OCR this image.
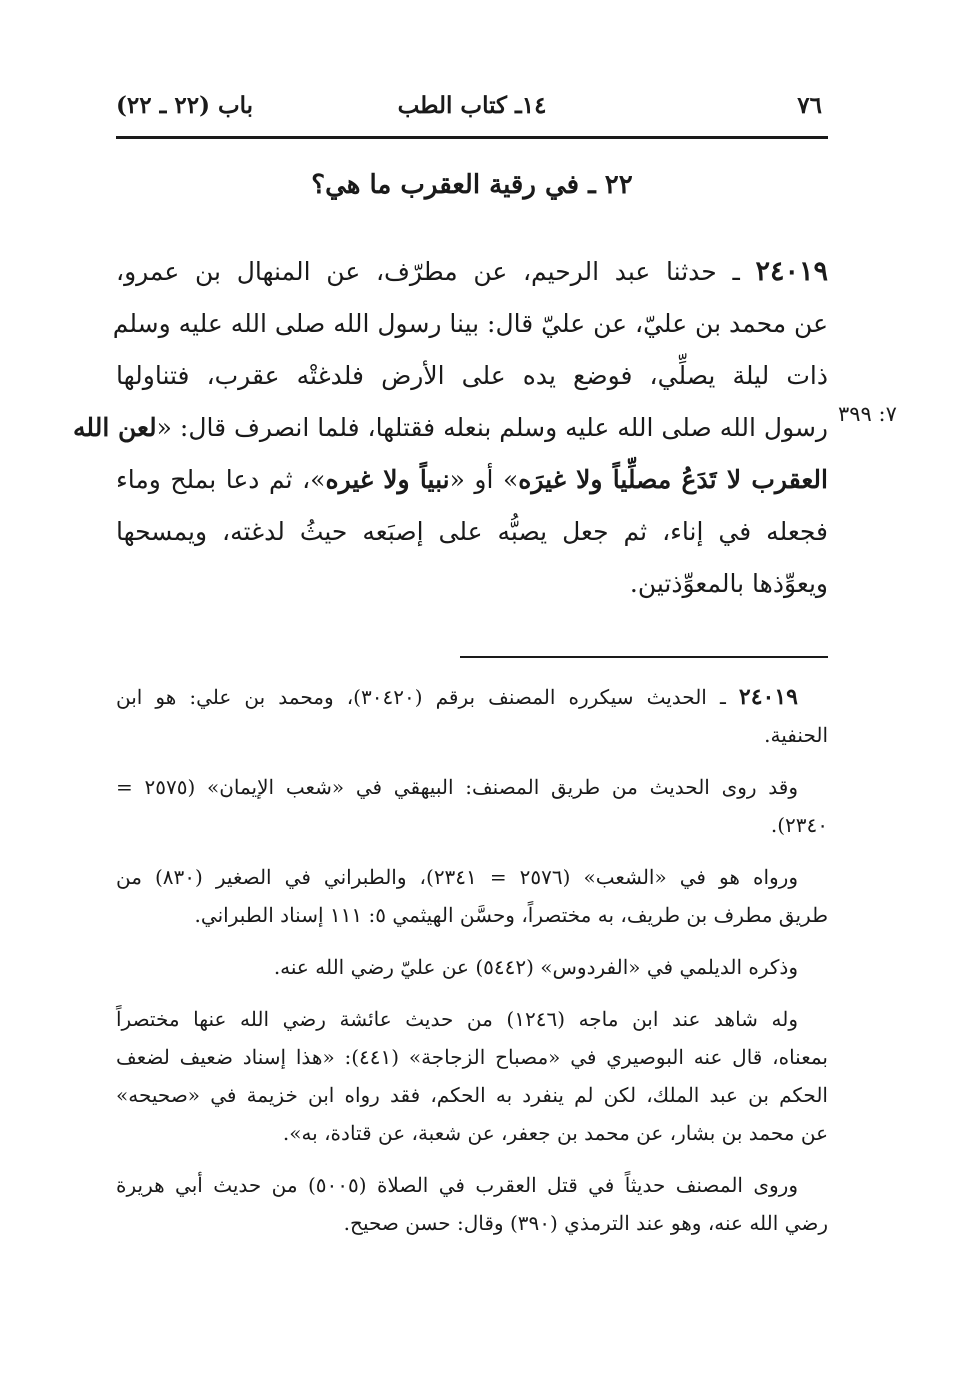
٧٦
١٤ـ كتاب الطب
باب (٢٢ ـ ٢٢)
٢٢ ـ في رقية العقرب ما هي؟
٧: ٣٩٩
٢٤٠١٩ ـ حدثنا عبد الرحيم، عن مطرّف، عن المنهال بن عمرو،
عن محمد بن عليّ، عن عليّ قال: بينا رسول الله صلى الله عليه وسلم
ذات ليلة يصلِّي، فوضع يده على الأرض فلدغتْه عقرب، فتناولها
رسول الله صلى الله عليه وسلم بنعله فقتلها، فلما انصرف قال: «لعن الله
العقرب لا تَدَعُ مصلِّياً ولا غيرَه» أو «نبياً ولا غيره»، ثم دعا بملح وماء
فجعله في إناء، ثم جعل يصبُّه على إصبَعه حيثُ لدغته، ويمسحها
ويعوِّذها بالمعوِّذتين.
٢٤٠١٩ ـ الحديث سيكرره المصنف برقم (٣٠٤٢٠)، ومحمد بن علي: هو ابن
الحنفية.
وقد روى الحديث من طريق المصنف: البيهقي في «شعب الإيمان» (٢٥٧٥ =
٢٣٤٠).
ورواه هو في «الشعب» (٢٥٧٦ = ٢٣٤١)، والطبراني في الصغير (٨٣٠) من
طريق مطرف بن طريف، به مختصراً، وحسَّن الهيثمي ٥: ١١١ إسناد الطبراني.
وذكره الديلمي في «الفردوس» (٥٤٤٢) عن عليّ رضي الله عنه.
وله شاهد عند ابن ماجه (١٢٤٦) من حديث عائشة رضي الله عنها مختصراً
بمعناه، قال عنه البوصيري في «مصباح الزجاجة» (٤٤١): «هذا إسناد ضعيف لضعف
الحكم بن عبد الملك، لكن لم ينفرد به الحكم، فقد رواه ابن خزيمة في «صحيحه»
عن محمد بن بشار، عن محمد بن جعفر، عن شعبة، عن قتادة، به».
وروى المصنف حديثاً في قتل العقرب في الصلاة (٥٠٠٥) من حديث أبي هريرة
رضي الله عنه، وهو عند الترمذي (٣٩٠) وقال: حسن صحيح.
